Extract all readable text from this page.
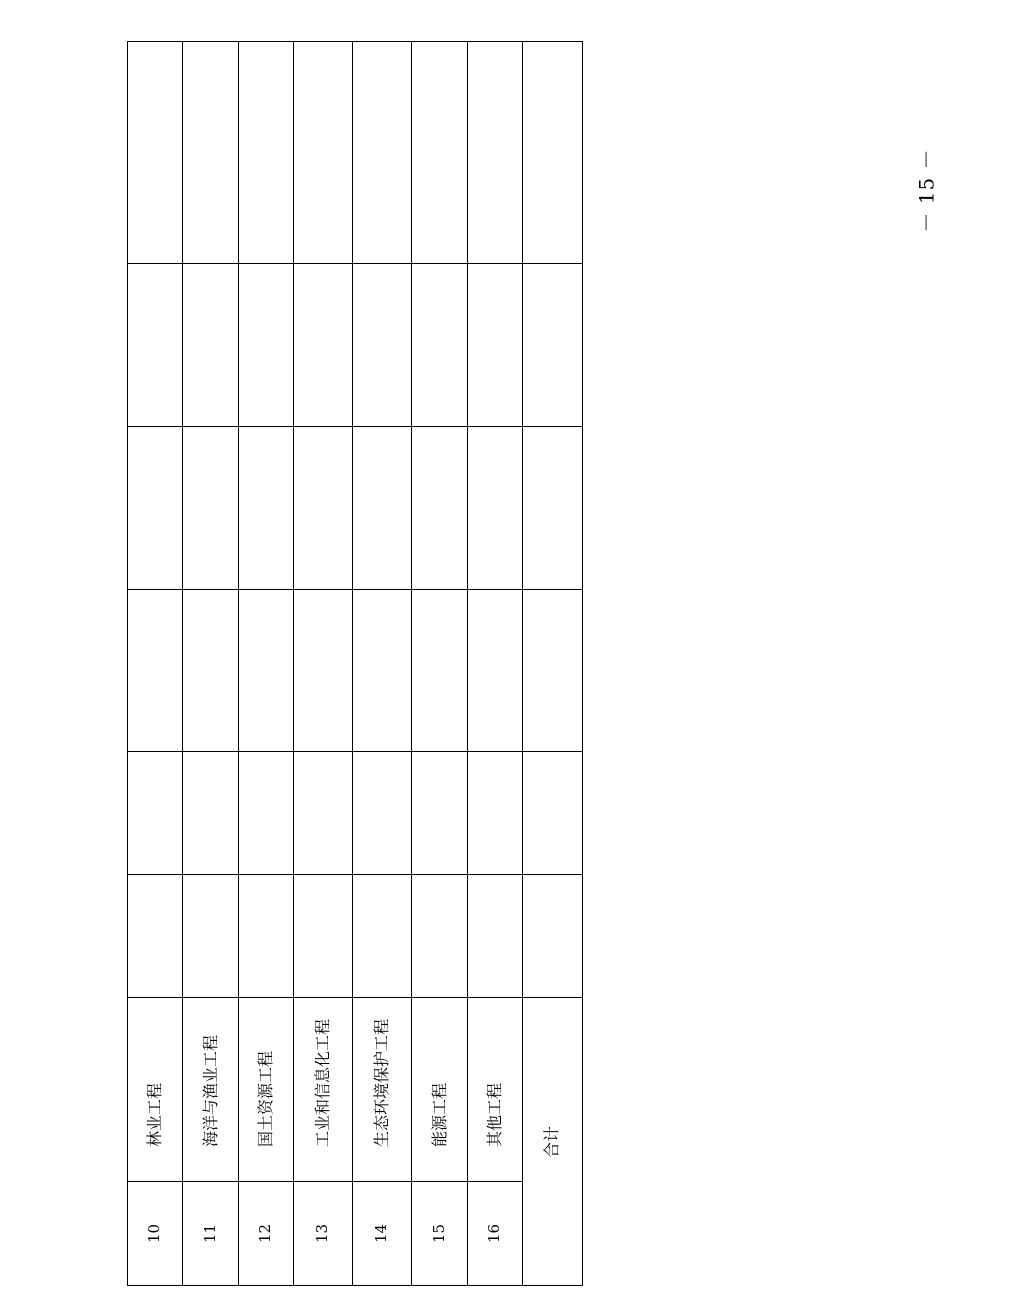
10
林业工程
11
海洋与渔业工程
12
国土资源工程
13
工业和信息化工程
14
生态环境保护工程
15
能源工程
16
其他工程 合计
－ 15 －
